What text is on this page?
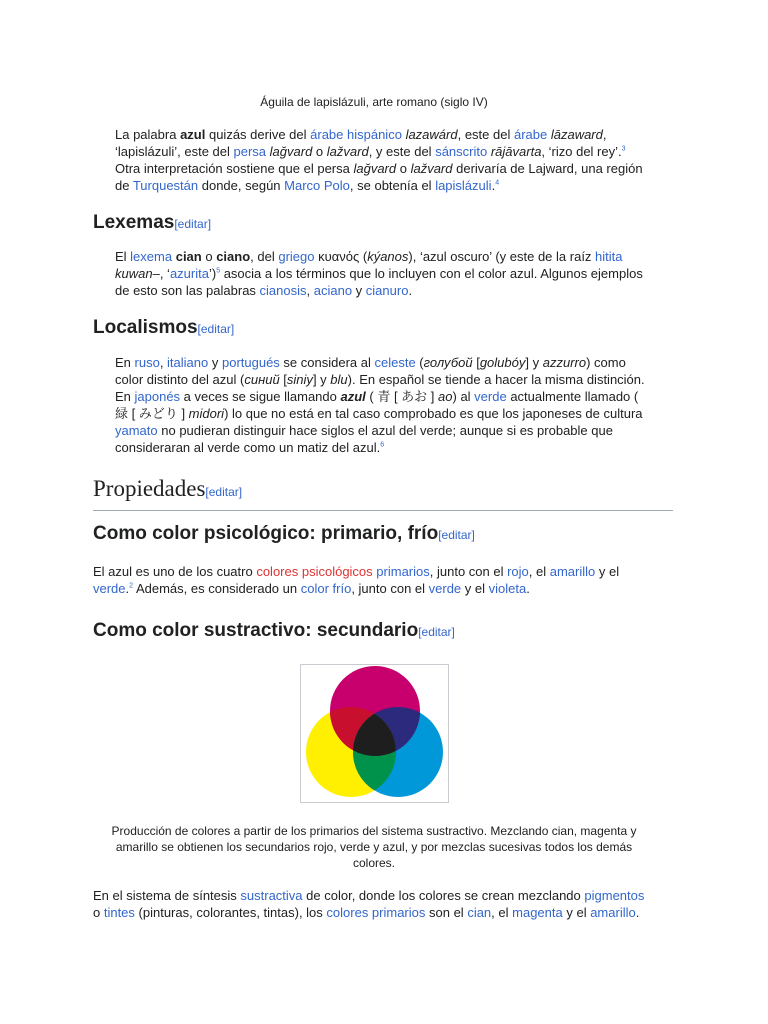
Águila de lapislázuli, arte romano (siglo IV)
La palabra azul quizás derive del árabe hispánico lazawárd, este del árabe lāzaward,
‘lapislázuli’, este del persa lağvard o lažvard, y este del sánscrito rājāvarta, ‘rizo del rey’.$^3$
Otra interpretación sostiene que el persa lağvard o lažvard derivaría de Lajward, una región
de Turquestán donde, según Marco Polo, se obtenía el lapislázuli.$^4$
Lexemas[editar]
El lexema cian o ciano, del griego κυανός (kýanos), ‘azul oscuro’ (y este de la raíz hitita
kuwan–, ‘azurita’)$^5$ asocia a los términos que lo incluyen con el color azul. Algunos ejemplos
de esto son las palabras cianosis, aciano y cianuro.
Localismos[editar]
En ruso, italiano y portugués se considera al celeste (голубой [golubóy] y azzurro) como
color distinto del azul (синий [siniy] y blu). En español se tiende a hacer la misma distinción.
En japonés a veces se sigue llamando azul ( 青 [ あお ] ao) al verde actualmente llamado (
緑 [ みどり ] midori) lo que no está en tal caso comprobado es que los japoneses de cultura
yamato no pudieran distinguir hace siglos el azul del verde; aunque si es probable que
consideraran al verde como un matiz del azul.$^6$
Propiedades[editar]
Como color psicológico: primario, frío[editar]
El azul es uno de los cuatro colores psicológicos primarios, junto con el rojo, el amarillo y el
verde.$^2$ Además, es considerado un color frío, junto con el verde y el violeta.
Como color sustractivo: secundario[editar]
Producción de colores a partir de los primarios del sistema sustractivo. Mezclando cian, magenta y amarillo se obtienen los secundarios rojo, verde y azul, y por mezclas sucesivas todos los demás colores.
En el sistema de síntesis sustractiva de color, donde los colores se crean mezclando pigmentos
o tintes (pinturas, colorantes, tintas), los colores primarios son el cian, el magenta y el amarillo.
